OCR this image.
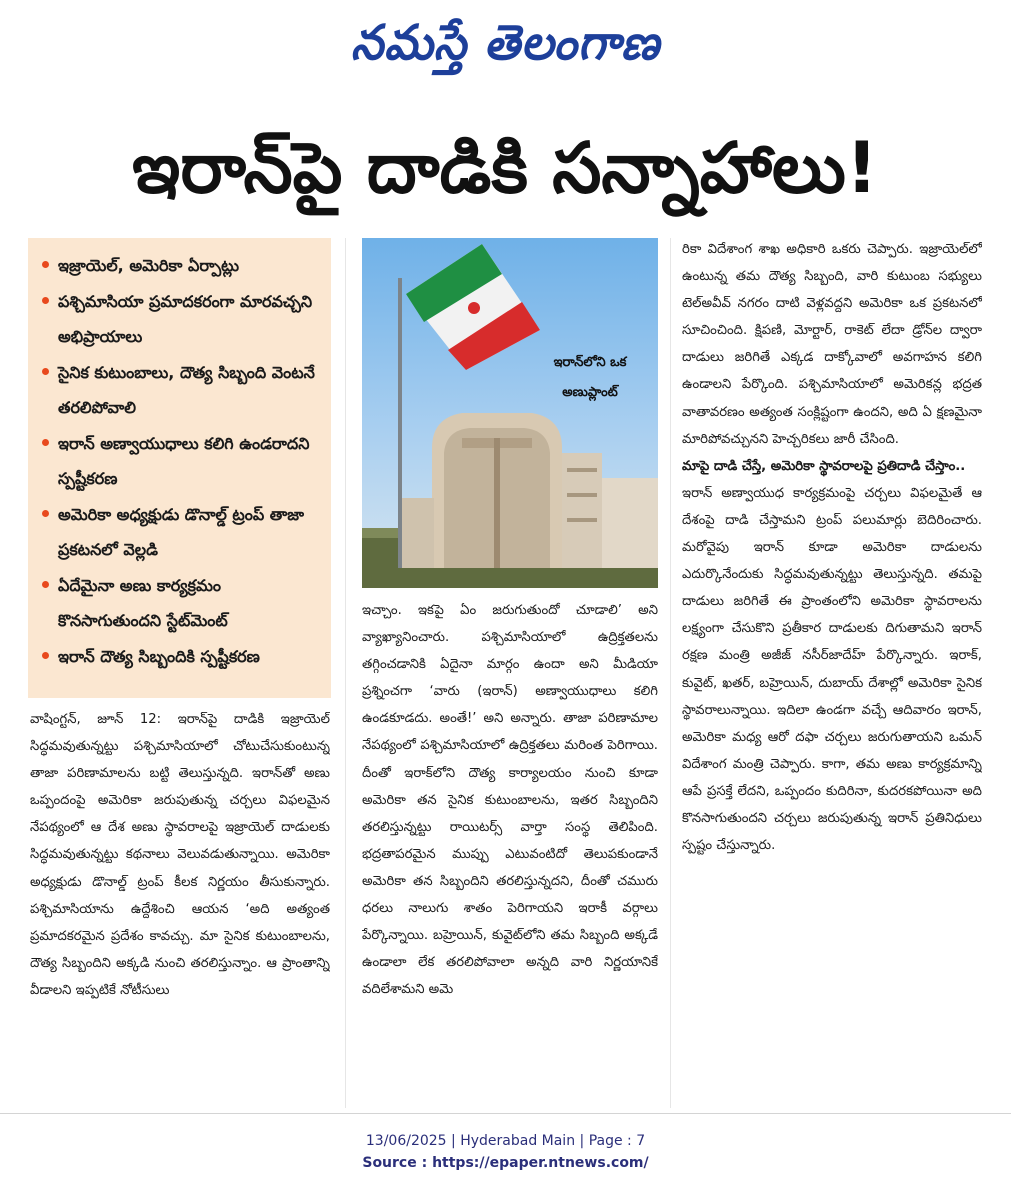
నమస్తే తెలంగాణ
ఇరాన్‌పై దాడికి సన్నాహాలు!
ఇజ్రాయెల్, అమెరికా ఏర్పాట్లు
పశ్చిమాసియా ప్రమాదకరంగా మారవచ్చని అభిప్రాయాలు
సైనిక కుటుంబాలు, దౌత్య సిబ్బంది వెంటనే తరలిపోవాలి
ఇరాన్ అణ్వాయుధాలు కలిగి ఉండరాదని స్పష్టీకరణ
అమెరికా అధ్యక్షుడు డొనాల్డ్ ట్రంప్ తాజా ప్రకటనలో వెల్లడి
ఏదేమైనా అణు కార్యక్రమం కొనసాగుతుందని స్టేట్‌మెంట్
ఇరాన్ దౌత్య సిబ్బందికి స్పష్టీకరణ
ఇరాన్‌లోని ఒక అణుప్లాంట్

వాషింగ్టన్, జూన్ 12: ఇరాన్‌పై దాడికి ఇజ్రాయెల్ సిద్ధమవుతున్నట్టు పశ్చిమాసియాలో చోటుచేసుకుంటున్న తాజా పరిణామాలను బట్టి తెలుస్తున్నది. ఇరాన్‌తో అణు ఒప్పందంపై అమెరికా జరుపుతున్న చర్చలు విఫలమైన నేపథ్యంలో ఆ దేశ అణు స్థావరాలపై ఇజ్రాయెల్ దాడులకు సిద్ధమవుతున్నట్టు కథనాలు వెలువడుతున్నాయి. అమెరికా అధ్యక్షుడు డొనాల్డ్ ట్రంప్ కీలక నిర్ణయం తీసుకున్నారు. పశ్చిమాసియాను ఉద్దేశించి ఆయన ‘అది అత్యంత ప్రమాదకరమైన ప్రదేశం కావచ్చు. మా సైనిక కుటుంబాలను, దౌత్య సిబ్బందిని అక్కడి నుంచి తరలిస్తున్నాం. ఆ ప్రాంతాన్ని వీడాలని ఇప్పటికే నోటీసులు

ఇచ్చాం. ఇకపై ఏం జరుగుతుందో చూడాలి’ అని వ్యాఖ్యానించారు. పశ్చిమాసియాలో ఉద్రిక్తతలను తగ్గించడానికి ఏదైనా మార్గం ఉందా అని మీడియా ప్రశ్నించగా ‘వారు (ఇరాన్) అణ్వాయుధాలు కలిగి ఉండకూడదు. అంతే!’ అని అన్నారు. తాజా పరిణామాల నేపథ్యంలో పశ్చిమాసియాలో ఉద్రిక్తతలు మరింత పెరిగాయి. దీంతో ఇరాక్‌లోని దౌత్య కార్యాలయం నుంచి కూడా అమెరికా తన సైనిక కుటుంబాలను, ఇతర సిబ్బందిని తరలిస్తున్నట్టు రాయిటర్స్ వార్తా సంస్థ తెలిపింది. భద్రతాపరమైన ముప్పు ఎటువంటిదో తెలుపకుండానే అమెరికా తన సిబ్బందిని తరలిస్తున్నదని, దీంతో చమురు ధరలు నాలుగు శాతం పెరిగాయని ఇరాకీ వర్గాలు పేర్కొన్నాయి. బహ్రెయిన్, కువైట్‌లోని తమ సిబ్బంది అక్కడే ఉండాలా లేక తరలిపోవాలా అన్నది వారి నిర్ణయానికే వదిలేశామని అమె

రికా విదేశాంగ శాఖ అధికారి ఒకరు చెప్పారు. ఇజ్రాయెల్‌లో ఉంటున్న తమ దౌత్య సిబ్బంది, వారి కుటుంబ సభ్యులు టెల్‌అవీవ్ నగరం దాటి వెళ్లవద్దని అమెరికా ఒక ప్రకటనలో సూచించింది. క్షిపణి, మోర్టార్, రాకెట్ లేదా డ్రోన్‌ల ద్వారా దాడులు జరిగితే ఎక్కడ దాక్కోవాలో అవగాహన కలిగి ఉండాలని పేర్కొంది. పశ్చిమాసియాలో అమెరికన్ల భద్రత వాతావరణం అత్యంత సంక్లిష్టంగా ఉందని, అది ఏ క్షణమైనా మారిపోవచ్చునని హెచ్చరికలు జారీ చేసింది.

మాపై దాడి చేస్తే, అమెరికా స్థావరాలపై ప్రతిదాడి చేస్తాం..

ఇరాన్ అణ్వాయుధ కార్యక్రమంపై చర్చలు విఫలమైతే ఆ దేశంపై దాడి చేస్తామని ట్రంప్ పలుమార్లు బెదిరించారు. మరోవైపు ఇరాన్ కూడా అమెరికా దాడులను ఎదుర్కొనేందుకు సిద్ధమవుతున్నట్టు తెలుస్తున్నది. తమపై దాడులు జరిగితే ఈ ప్రాంతంలోని అమెరికా స్థావరాలను లక్ష్యంగా చేసుకొని ప్రతీకార దాడులకు దిగుతామని ఇరాన్ రక్షణ మంత్రి అజీజ్ నసీర్‌జాదేహ్ పేర్కొన్నారు. ఇరాక్, కువైట్, ఖతర్, బహ్రెయిన్, దుబాయ్ దేశాల్లో అమెరికా సైనిక స్థావరాలున్నాయి. ఇదిలా ఉండగా వచ్చే ఆదివారం ఇరాన్, అమెరికా మధ్య ఆరో దఫా చర్చలు జరుగుతాయని ఒమన్ విదేశాంగ మంత్రి చెప్పారు. కాగా, తమ అణు కార్యక్రమాన్ని ఆపే ప్రసక్తే లేదని, ఒప్పందం కుదిరినా, కుదరకపోయినా అది కొనసాగుతుందని చర్చలు జరుపుతున్న ఇరాన్ ప్రతినిధులు స్పష్టం చేస్తున్నారు.

13/06/2025 | Hyderabad Main | Page : 7
Source : https://epaper.ntnews.com/
